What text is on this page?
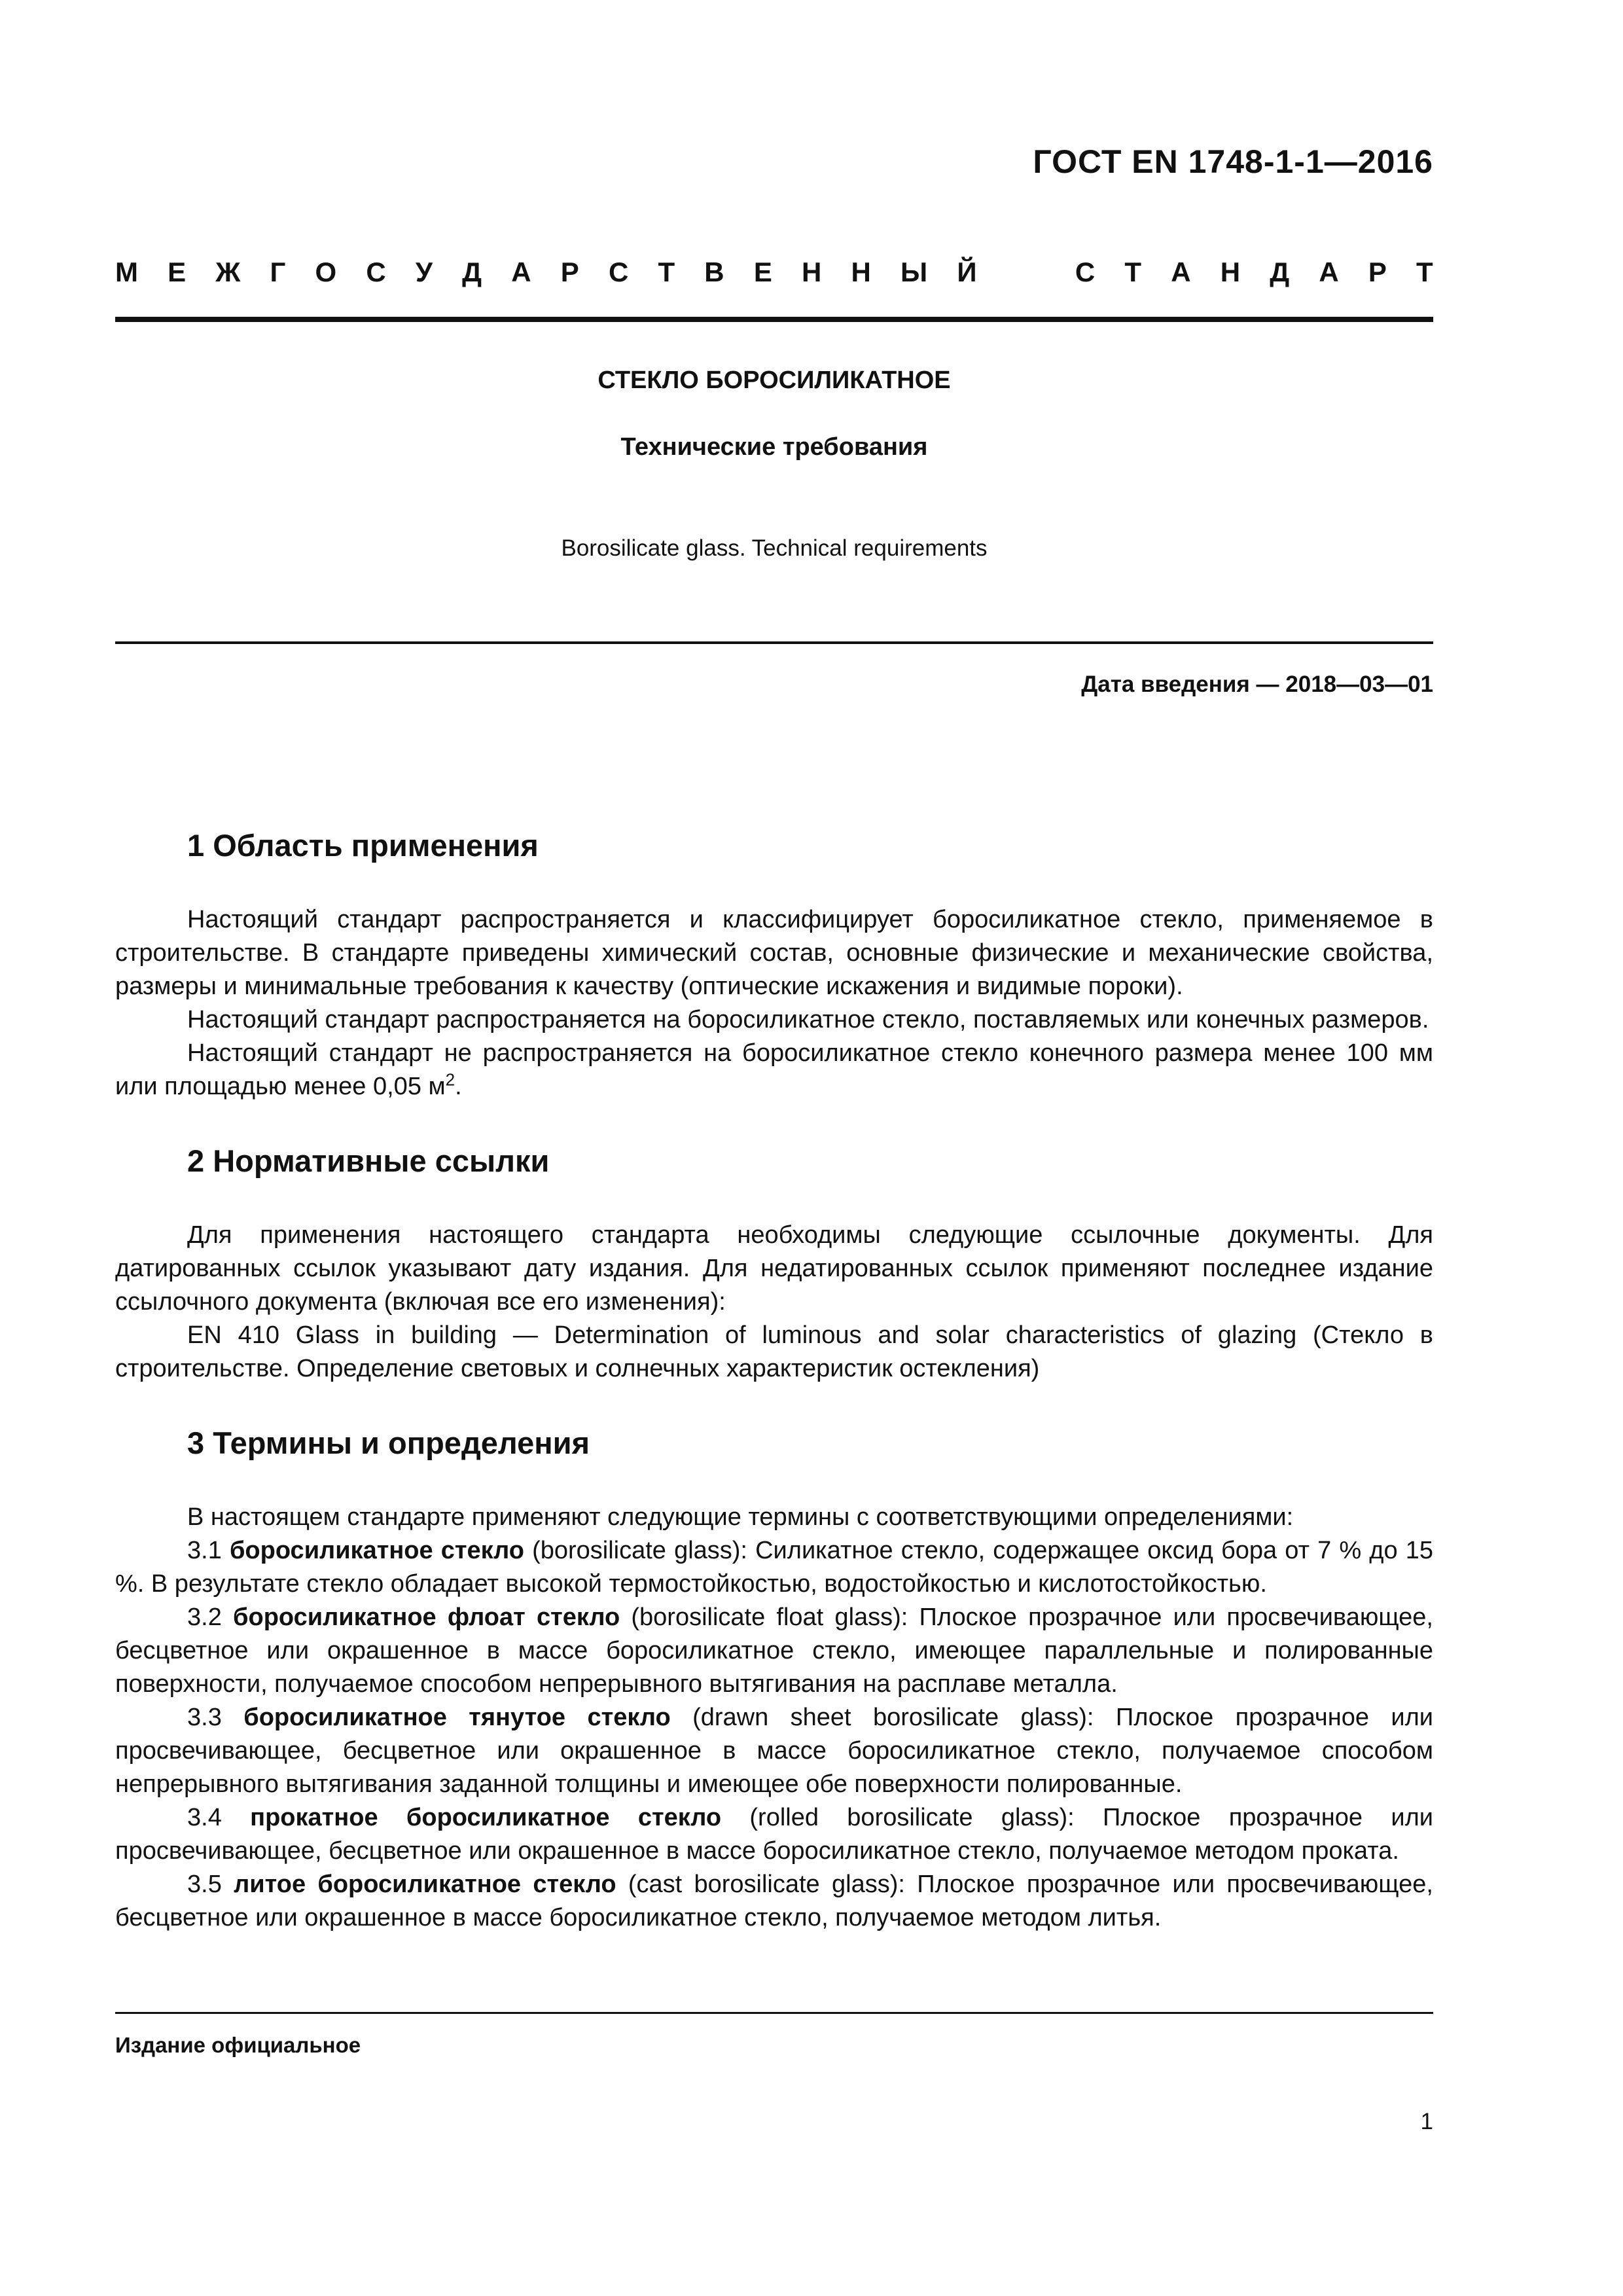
ГОСТ EN 1748-1-1—2016
М Е Ж Г О С У Д А Р С Т В Е Н Н Ы Й	С Т А Н Д А Р Т
СТЕКЛО БОРОСИЛИКАТНОЕ
Технические требования
Borosilicate glass. Technical requirements
Дата введения — 2018—03—01
1 Область применения

Настоящий стандарт распространяется и классифицирует боросиликатное стекло, применяемое в строительстве. В стандарте приведены химический состав, основные физические и механические свойства, размеры и минимальные требования к качеству (оптические искажения и видимые пороки).

Настоящий стандарт распространяется на боросиликатное стекло, поставляемых или конечных размеров.

Настоящий стандарт не распространяется на боросиликатное стекло конечного размера менее 100 мм или площадью менее 0,05 $м^2$.

2 Нормативные ссылки

Для применения настоящего стандарта необходимы следующие ссылочные документы. Для датированных ссылок указывают дату издания. Для недатированных ссылок применяют последнее издание ссылочного документа (включая все его изменения):

EN 410 Glass in building — Determination of luminous and solar characteristics of glazing (Стекло в строительстве. Определение световых и солнечных характеристик остекления)

3 Термины и определения

В настоящем стандарте применяют следующие термины с соответствующими определениями:

3.1 боросиликатное стекло (borosilicate glass): Силикатное стекло, содержащее оксид бора от 7 % до 15 %. В результате стекло обладает высокой термостойкостью, водостойкостью и кислотостойкостью.

3.2 боросиликатное флоат стекло (borosilicate float glass): Плоское прозрачное или просвечивающее, бесцветное или окрашенное в массе боросиликатное стекло, имеющее параллельные и полированные поверхности, получаемое способом непрерывного вытягивания на расплаве металла.

3.3 боросиликатное тянутое стекло (drawn sheet borosilicate glass): Плоское прозрачное или просвечивающее, бесцветное или окрашенное в массе боросиликатное стекло, получаемое способом непрерывного вытягивания заданной толщины и имеющее обе поверхности полированные.

3.4 прокатное боросиликатное стекло (rolled borosilicate glass): Плоское прозрачное или просвечивающее, бесцветное или окрашенное в массе боросиликатное стекло, получаемое методом проката.

3.5 литое боросиликатное стекло (cast borosilicate glass): Плоское прозрачное или просвечивающее, бесцветное или окрашенное в массе боросиликатное стекло, получаемое методом литья.

Издание официальное
1
